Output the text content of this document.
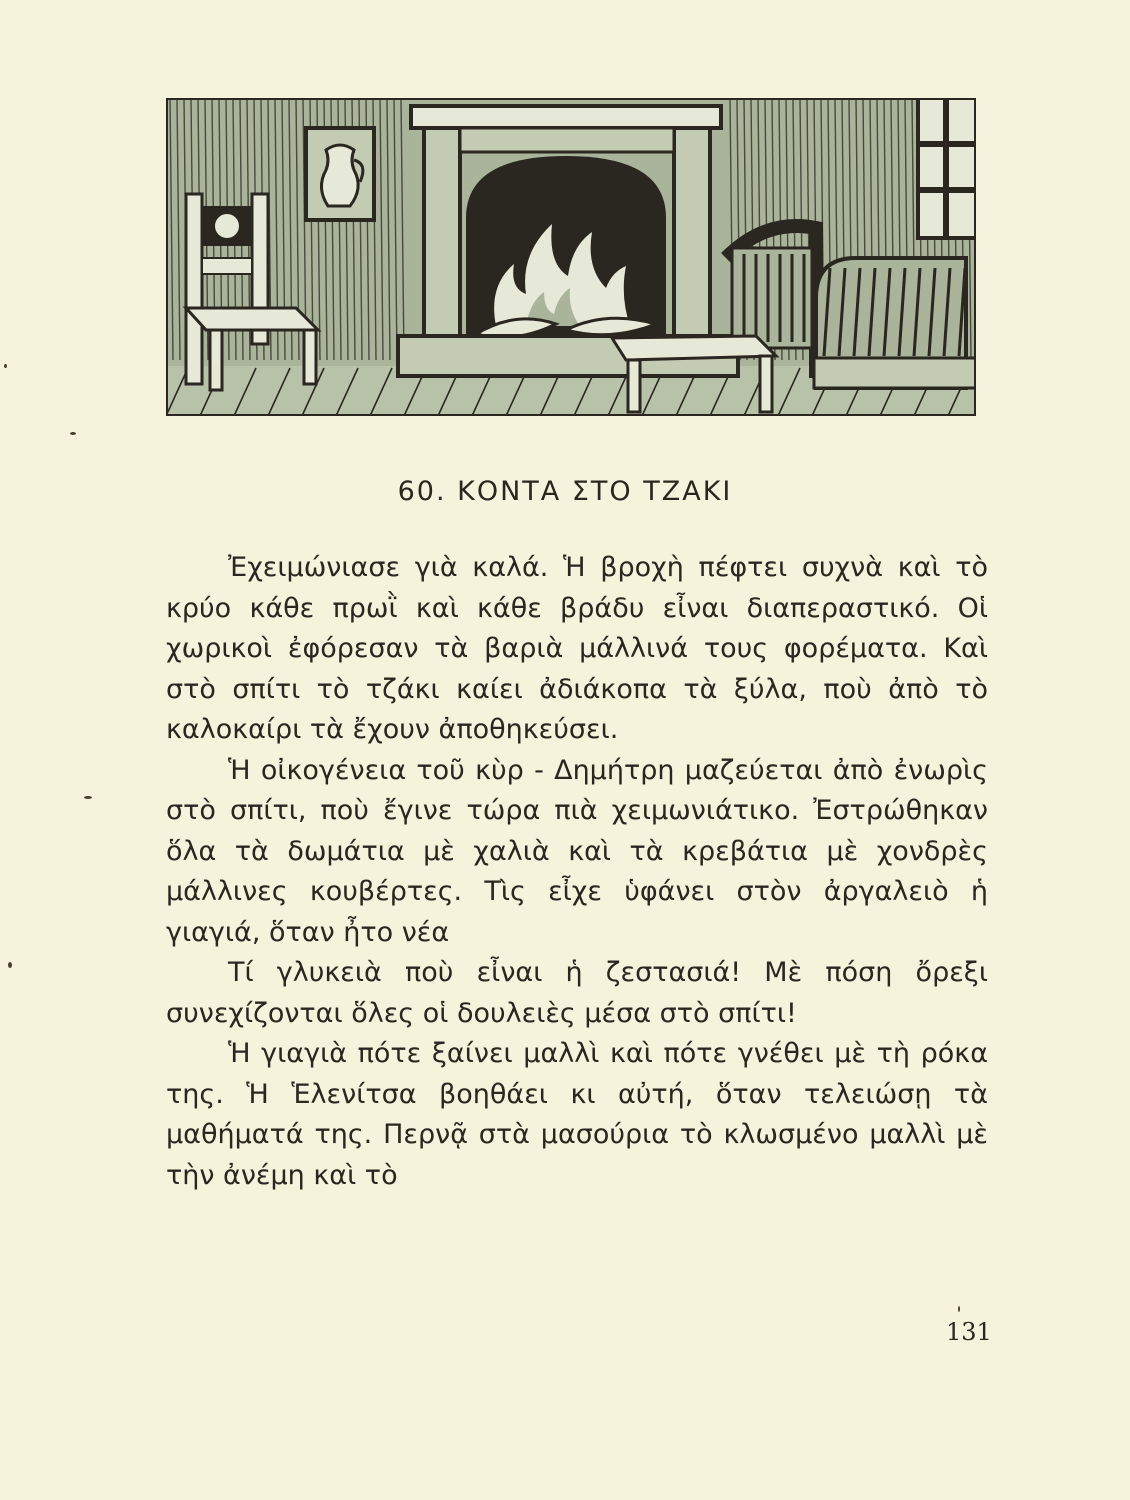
60. ΚΟΝΤΑ ΣΤΟ ΤΖΑΚΙ

Ἐχειμώνιασε γιὰ καλά. Ἡ βροχὴ πέφτει συχνὰ καὶ τὸ κρύο κάθε πρωῒ καὶ κάθε βράδυ εἶναι διαπεραστικό. Οἱ χωρικοὶ ἐφόρεσαν τὰ βαριὰ μάλλινά τους φορέματα. Καὶ στὸ σπίτι τὸ τζάκι καίει ἀδιάκοπα τὰ ξύλα, ποὺ ἀπὸ τὸ καλοκαίρι τὰ ἔχουν ἀποθηκεύσει.

Ἡ οἰκογένεια τοῦ κὺρ - Δημήτρη μαζεύεται ἀπὸ ἐνωρὶς στὸ σπίτι, ποὺ ἔγινε τώρα πιὰ χειμωνιάτικο. Ἐστρώθηκαν ὅλα τὰ δωμάτια μὲ χαλιὰ καὶ τὰ κρεβάτια μὲ χονδρὲς μάλλινες κουβέρτες. Τὶς εἶχε ὑφάνει στὸν ἀργαλειὸ ἡ γιαγιά, ὅταν ἦτο νέα

Τί γλυκειὰ ποὺ εἶναι ἡ ζεστασιά! Μὲ πόση ὄρεξι συνεχίζονται ὅλες οἱ δουλειὲς μέσα στὸ σπίτι!

Ἡ γιαγιὰ πότε ξαίνει μαλλὶ καὶ πότε γνέθει μὲ τὴ ρόκα της. Ἡ Ἑλενίτσα βοηθάει κι αὐτή, ὅταν τελειώσῃ τὰ μαθήματά της. Περνᾷ στὰ μασούρια τὸ κλωσμένο μαλλὶ μὲ τὴν ἀνέμη καὶ τὸ

131
